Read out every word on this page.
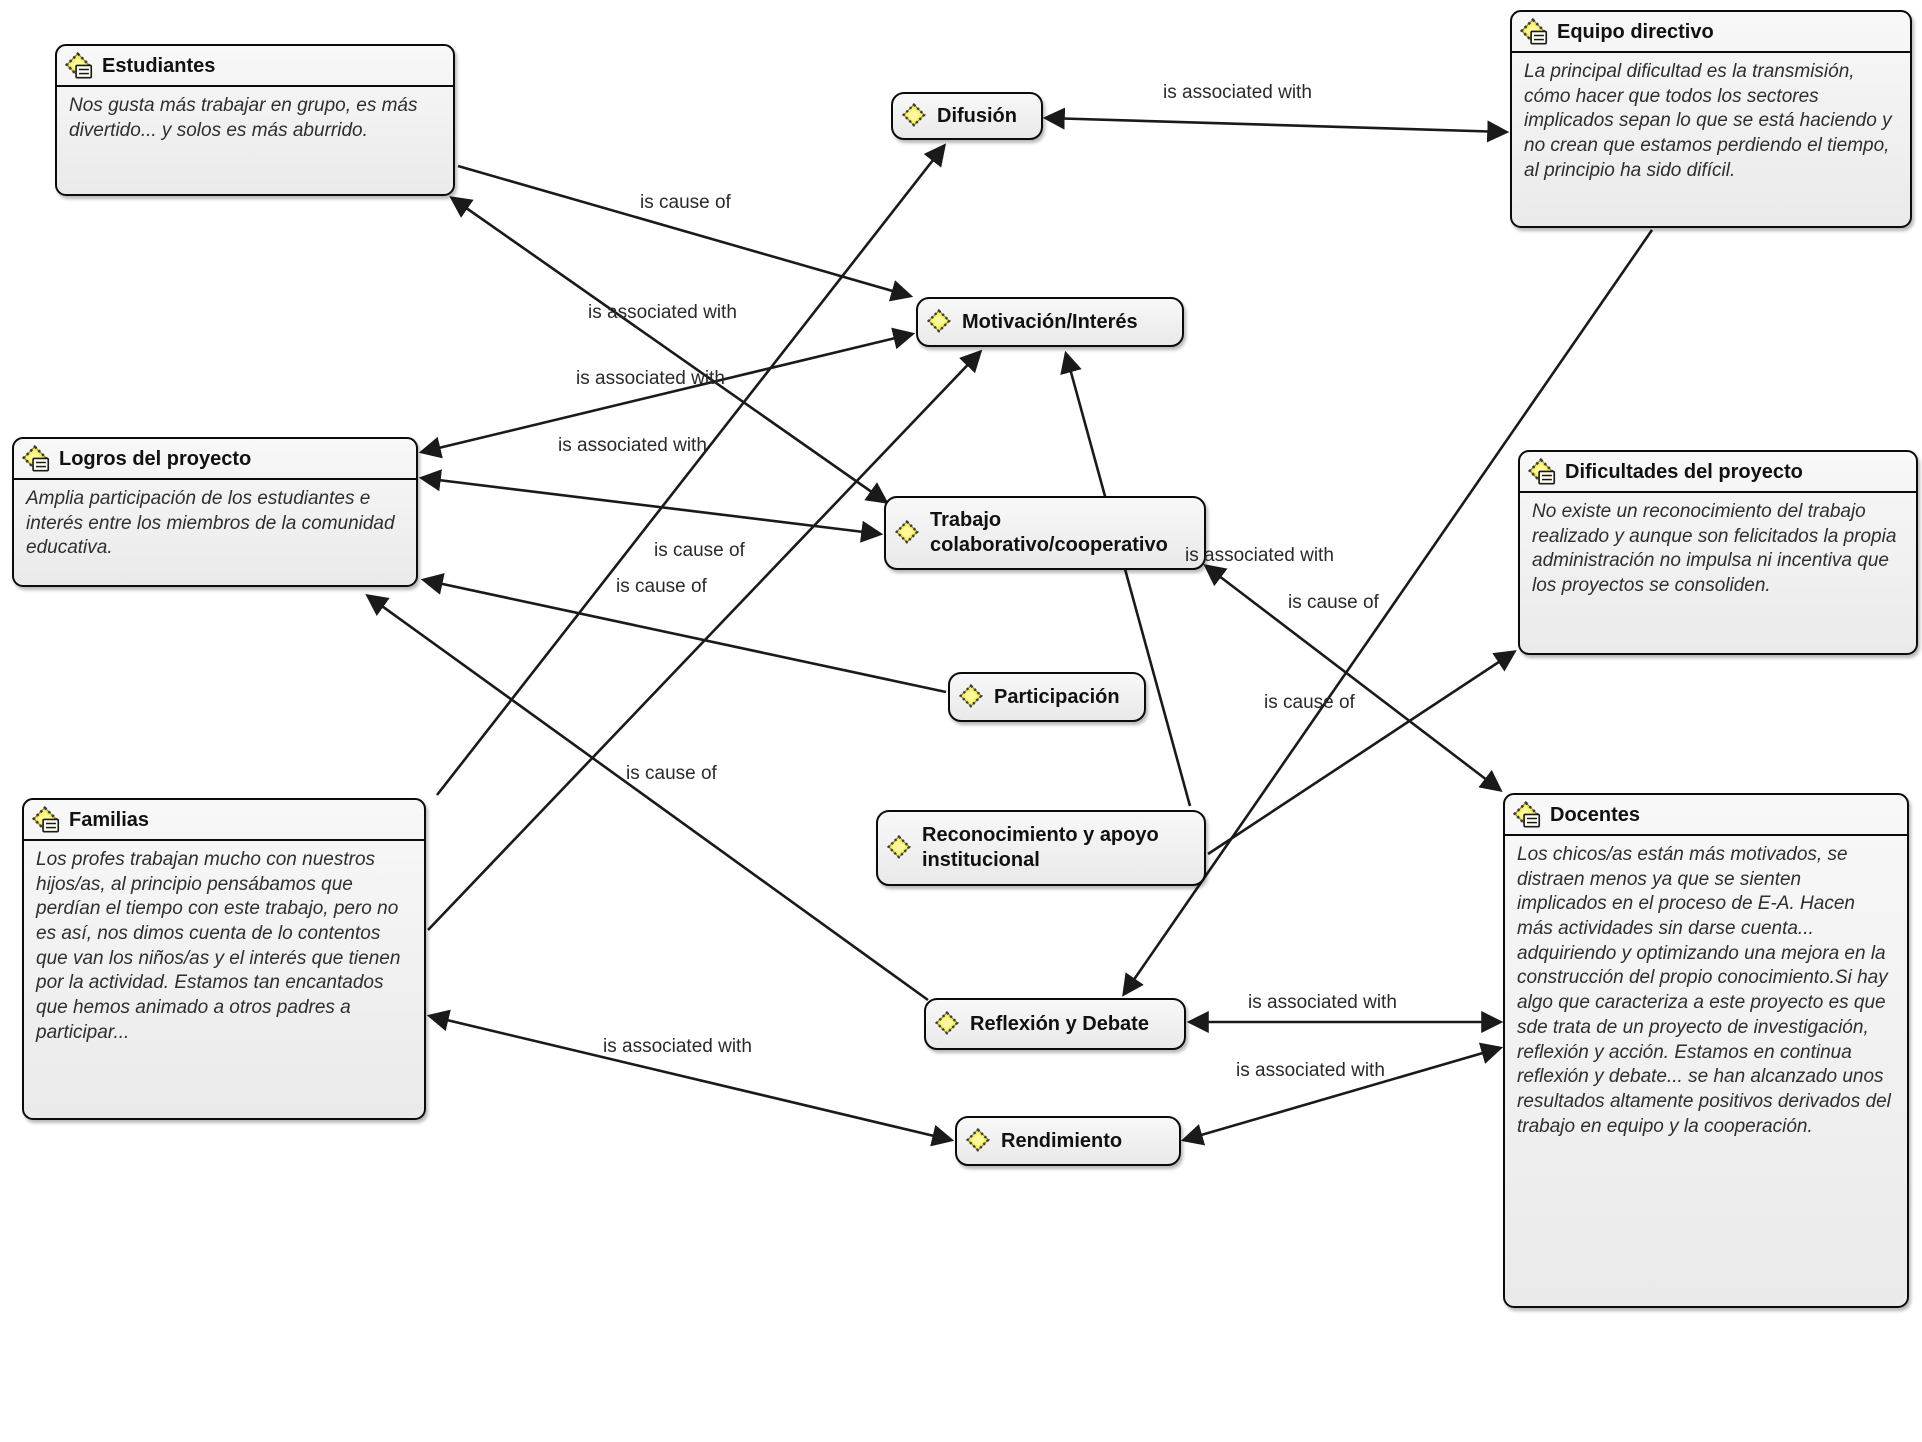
Estudiantes
Nos gusta más trabajar en grupo, es más divertido... y solos es más aburrido.
Equipo directivo
La principal dificultad es la transmisión, cómo hacer que todos los sectores implicados sepan lo que se está haciendo y no crean que estamos perdiendo el tiempo, al principio ha sido difícil.
Logros del proyecto
Amplia participación de los estudiantes e interés entre los miembros de la comunidad educativa.
Dificultades del proyecto
No existe un reconocimiento del trabajo realizado y aunque son felicitados la propia administración no impulsa ni incentiva que los proyectos se consoliden.
Familias
Los profes trabajan mucho con nuestros hijos/as, al principio pensábamos que perdían el tiempo con este trabajo, pero no es así, nos dimos cuenta de lo contentos que van los niños/as y el interés que tienen por la actividad. Estamos tan encantados que hemos animado a otros padres a participar...
Docentes
Los chicos/as están más motivados, se distraen menos ya que se sienten implicados en el proceso de E-A. Hacen más actividades sin darse cuenta... adquiriendo y optimizando una mejora en la construcción del propio conocimiento.Si hay algo que caracteriza a este proyecto es que sde trata de un proyecto de investigación, reflexión y acción. Estamos en continua reflexión y debate... se han alcanzado unos resultados altamente positivos derivados del trabajo en equipo y la cooperación.
Difusión
Motivación/Interés
Trabajo colaborativo/cooperativo
Participación
Reconocimiento y apoyo institucional
Reflexión y Debate
Rendimiento
is associated with
is cause of
is associated with
is associated with
is associated with
is cause of
is cause of
is cause of
is associated with
is cause of
is cause of
is associated with
is associated with
is associated with
